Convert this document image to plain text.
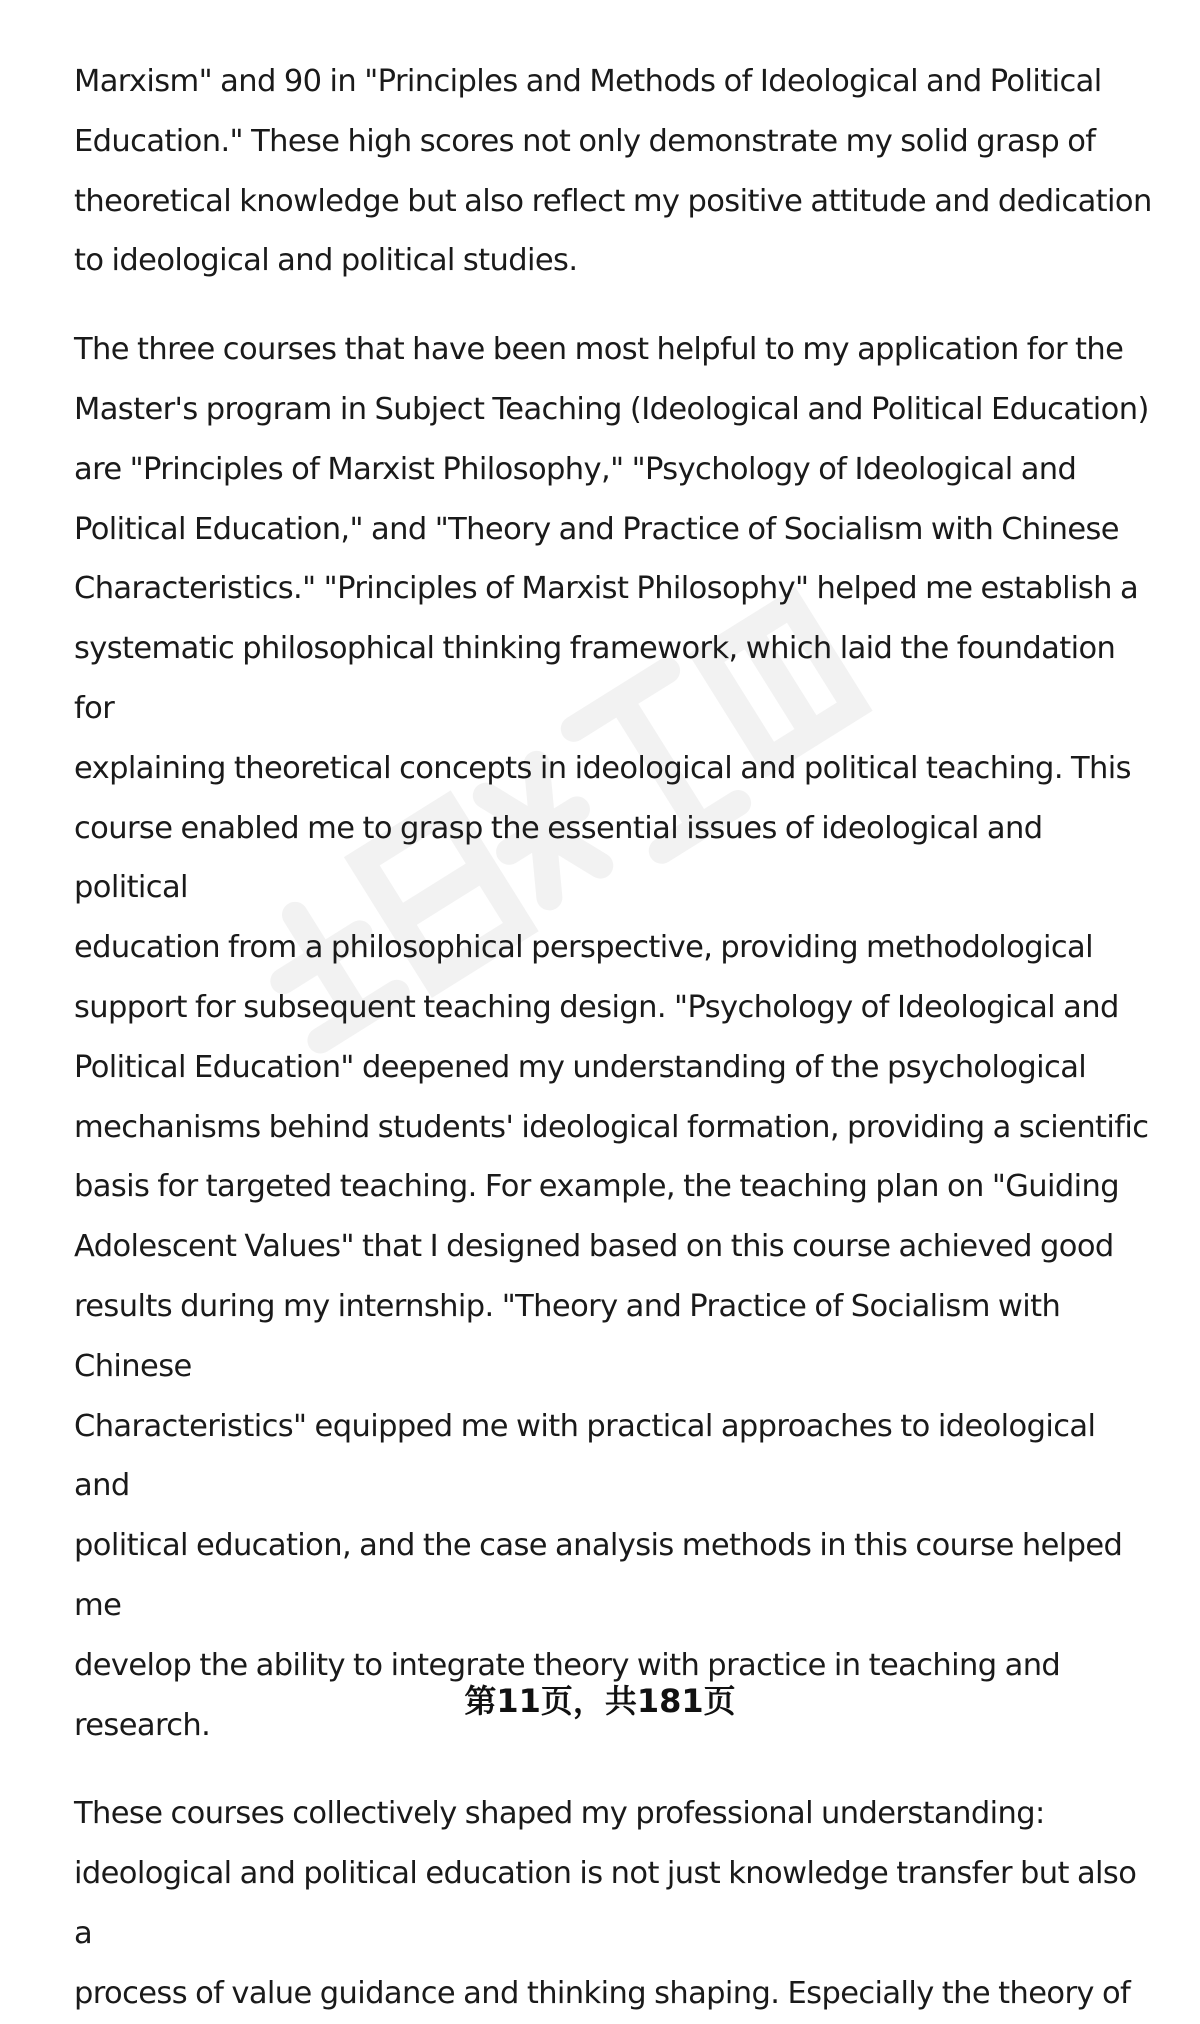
Marxism" and 90 in "Principles and Methods of Ideological and Political
Education." These high scores not only demonstrate my solid grasp of
theoretical knowledge but also reflect my positive attitude and dedication
to ideological and political studies.

The three courses that have been most helpful to my application for the
Master's program in Subject Teaching (Ideological and Political Education)
are "Principles of Marxist Philosophy," "Psychology of Ideological and
Political Education," and "Theory and Practice of Socialism with Chinese
Characteristics." "Principles of Marxist Philosophy" helped me establish a
systematic philosophical thinking framework, which laid the foundation for
explaining theoretical concepts in ideological and political teaching. This
course enabled me to grasp the essential issues of ideological and political
education from a philosophical perspective, providing methodological
support for subsequent teaching design. "Psychology of Ideological and
Political Education" deepened my understanding of the psychological
mechanisms behind students' ideological formation, providing a scientific
basis for targeted teaching. For example, the teaching plan on "Guiding
Adolescent Values" that I designed based on this course achieved good
results during my internship. "Theory and Practice of Socialism with Chinese
Characteristics" equipped me with practical approaches to ideological and
political education, and the case analysis methods in this course helped me
develop the ability to integrate theory with practice in teaching and
research.

These courses collectively shaped my professional understanding:
ideological and political education is not just knowledge transfer but also a
process of value guidance and thinking shaping. Especially the theory of

第11页，共181页
